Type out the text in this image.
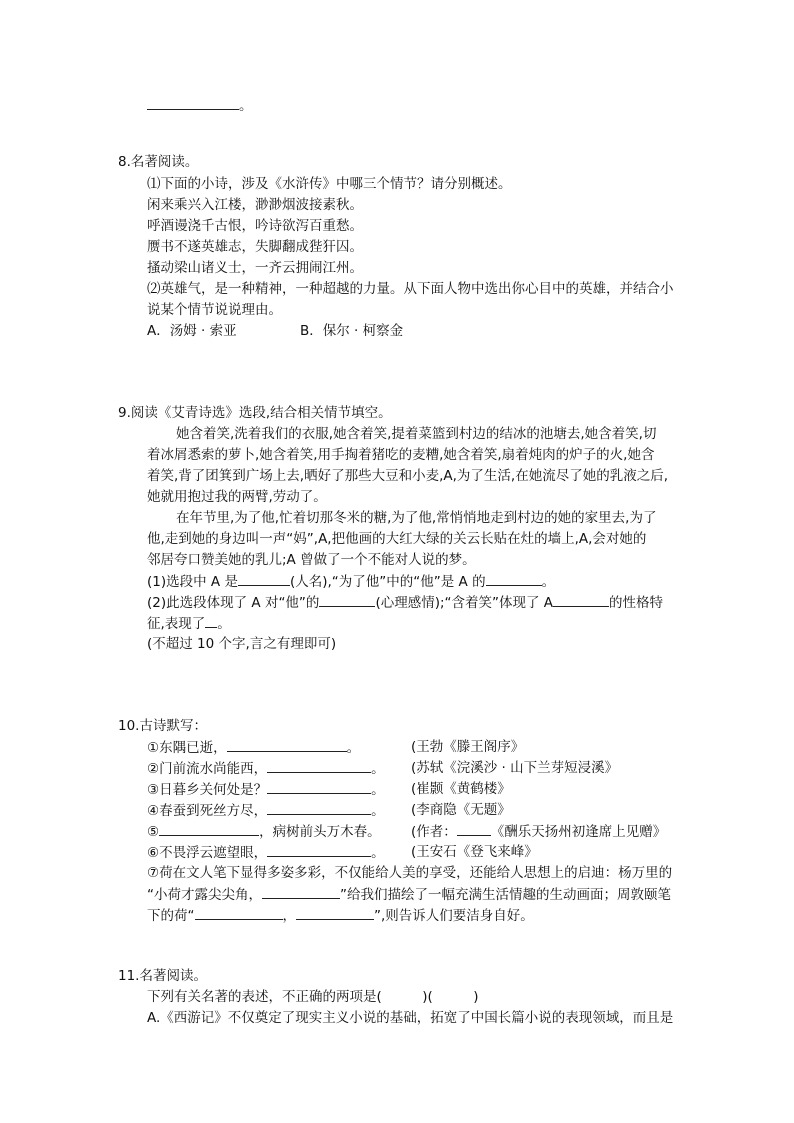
。
8.名著阅读。
⑴下面的小诗，涉及《水浒传》中哪三个情节？请分别概述。
闲来乘兴入江楼，渺渺烟波接素秋。
呼酒谩浇千古恨，吟诗欲泻百重愁。
赝书不遂英雄志，失脚翻成狴犴囚。
搔动梁山诸义士，一齐云拥闹江州。
⑵英雄气，是一种精神，一种超越的力量。从下面人物中选出你心目中的英雄，并结合小
说某个情节说说理由。
A．汤姆 · 索亚	B．保尔 · 柯察金
9.阅读《艾青诗选》选段,结合相关情节填空。
她含着笑,洗着我们的衣服,她含着笑,提着菜篮到村边的结冰的池塘去,她含着笑,切
着冰屑悉索的萝卜,她含着笑,用手掏着猪吃的麦糟,她含着笑,扇着炖肉的炉子的火,她含
着笑,背了团箕到广场上去,晒好了那些大豆和小麦,A,为了生活,在她流尽了她的乳液之后,
她就用抱过我的两臂,劳动了。
在年节里,为了他,忙着切那冬米的糖,为了他,常悄悄地走到村边的她的家里去,为了
他,走到她的身边叫一声“妈”,A,把他画的大红大绿的关云长贴在灶的墙上,A,会对她的
邻居夸口赞美她的乳儿;A 曾做了一个不能对人说的梦。
(1)选段中 A 是	(人名),“为了他”中的“他”是 A 的	。
(2)此选段体现了 A 对“他”的	(心理感情);“含着笑”体现了 A	的性格特
征,表现了 。
(不超过 10 个字,言之有理即可)
10.古诗默写：
①东隅已逝，	。	(王勃《滕王阁序》
②门前流水尚能西，	。 (苏轼《浣溪沙 · 山下兰芽短浸溪》
③日暮乡关何处是？	。 (崔颢《黄鹤楼》
④春蚕到死丝方尽，	。 (李商隐《无题》
⑤	，病树前头万木春。 (作者：	《酬乐天扬州初逢席上见赠》
⑥不畏浮云遮望眼，	。 (王安石《登飞来峰》
⑦荷在文人笔下显得多姿多彩，不仅能给人美的享受，还能给人思想上的启迪：杨万里的
“小荷才露尖尖角，	”给我们描绘了一幅充满生活情趣的生动画面；周敦颐笔
下的荷“	，	”,则告诉人们要洁身自好。
11.名著阅读。
下列有关名著的表述，不正确的两项是(　　　)(　　　)
A.《西游记》不仅奠定了现实主义小说的基础，拓宽了中国长篇小说的表现领域，而且是
